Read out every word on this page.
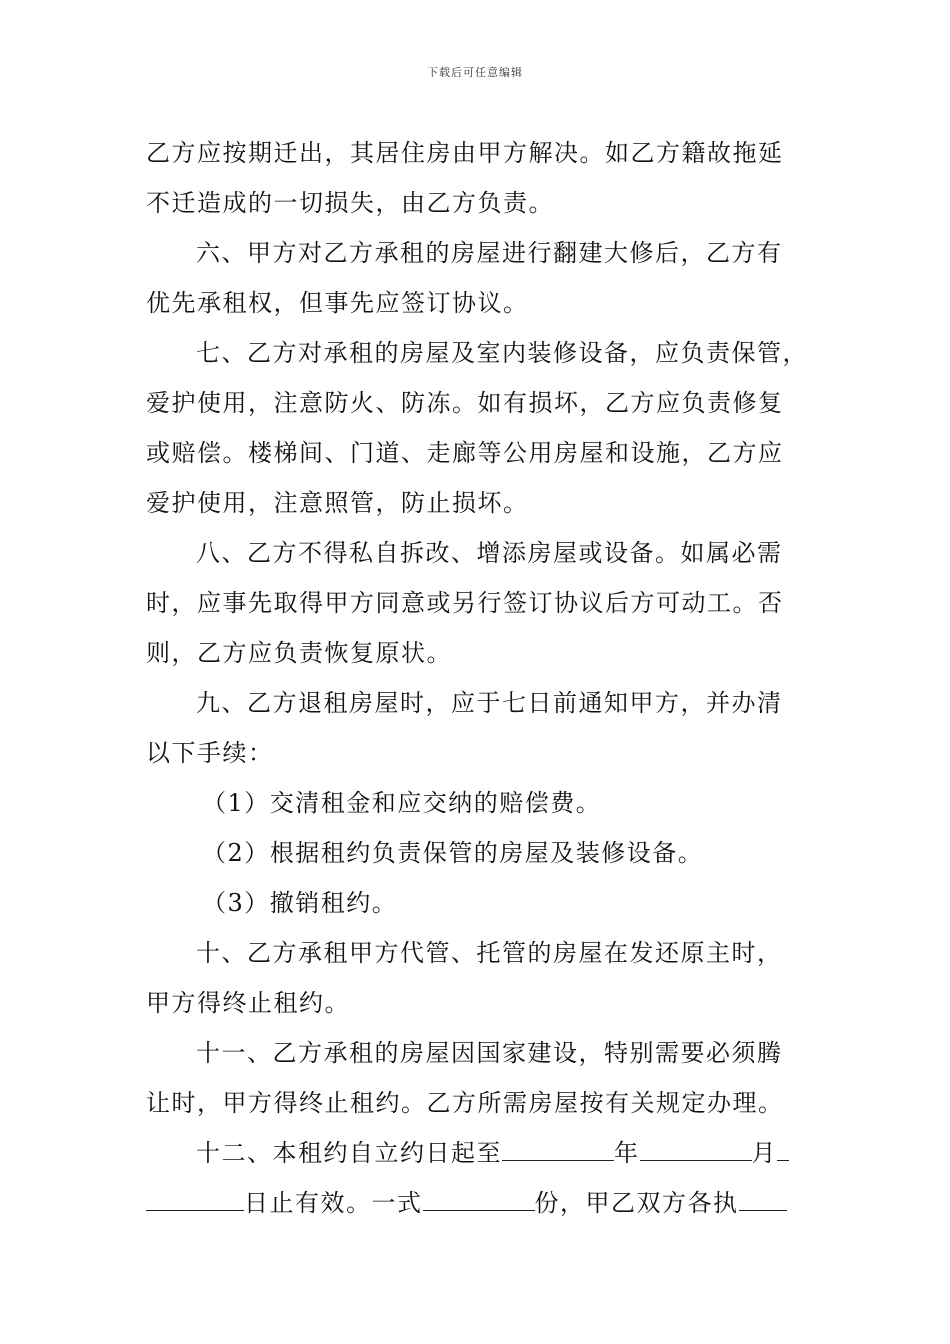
下载后可任意编辑
乙方应按期迁出，其居住房由甲方解决。如乙方籍故拖延
不迁造成的一切损失，由乙方负责。
六、甲方对乙方承租的房屋进行翻建大修后，乙方有
优先承租权，但事先应签订协议。
七、乙方对承租的房屋及室内装修设备，应负责保管，
爱护使用，注意防火、防冻。如有损坏，乙方应负责修复
或赔偿。楼梯间、门道、走廊等公用房屋和设施，乙方应
爱护使用，注意照管，防止损坏。
八、乙方不得私自拆改、增添房屋或设备。如属必需
时，应事先取得甲方同意或另行签订协议后方可动工。否
则，乙方应负责恢复原状。
九、乙方退租房屋时，应于七日前通知甲方，并办清
以下手续：
（1）交清租金和应交纳的赔偿费。
（2）根据租约负责保管的房屋及装修设备。
（3）撤销租约。
十、乙方承租甲方代管、托管的房屋在发还原主时，
甲方得终止租约。
十一、乙方承租的房屋因国家建设，特别需要必须腾
让时，甲方得终止租约。乙方所需房屋按有关规定办理。
十二、本租约自立约日起至	年	月
日止有效。一式	份，甲乙双方各执
